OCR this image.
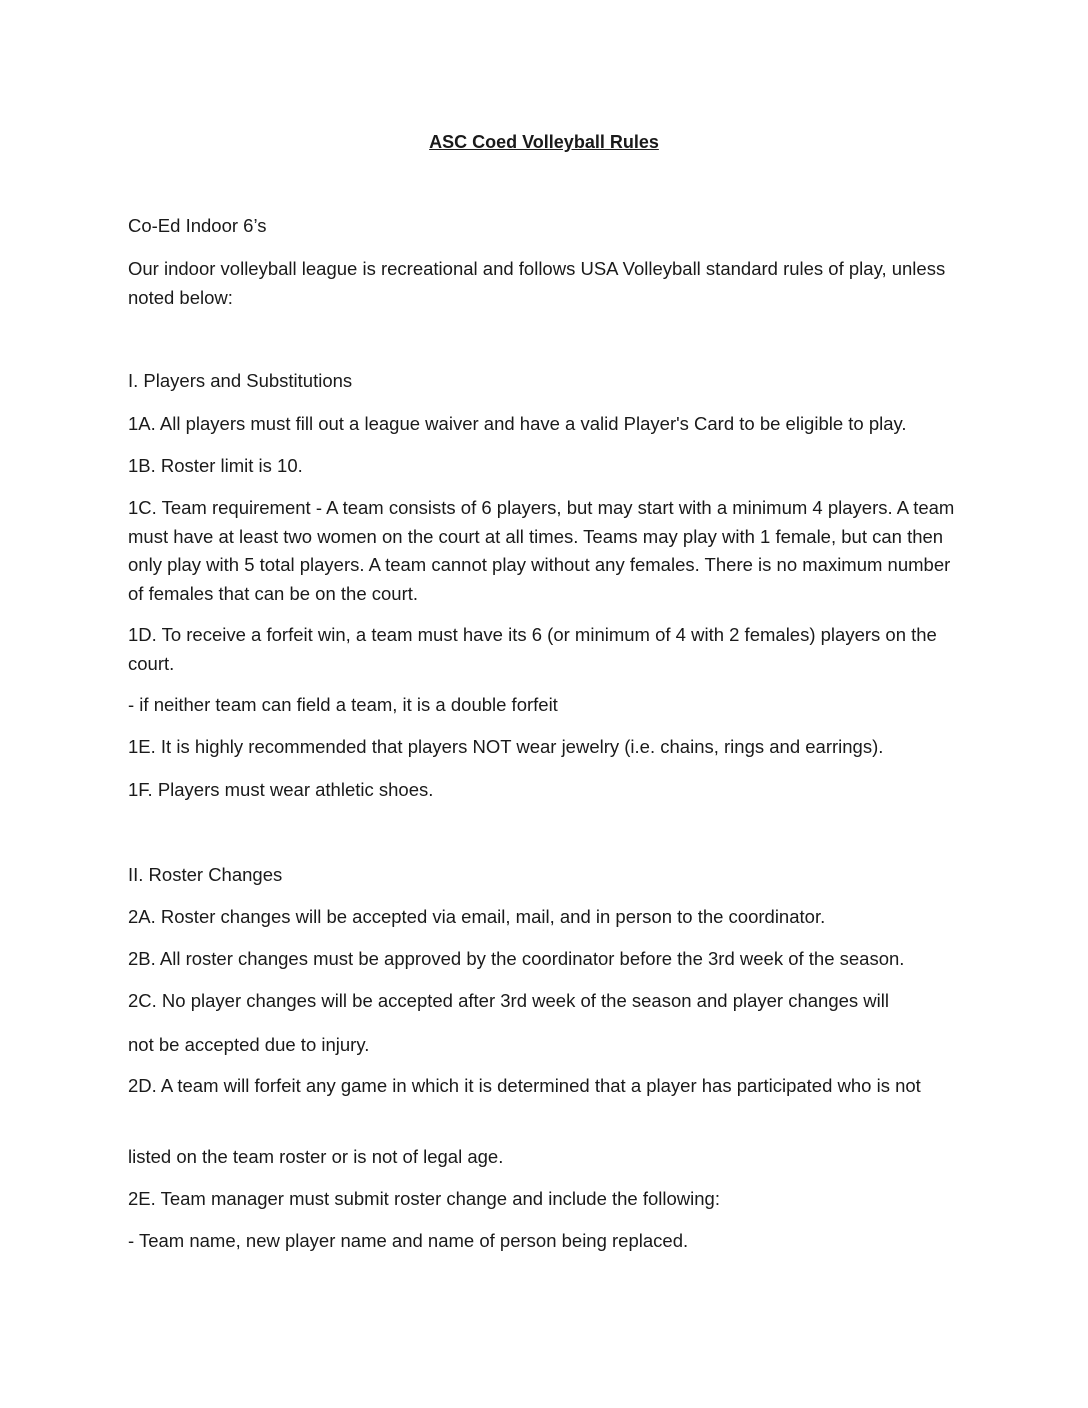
ASC Coed Volleyball Rules
Co-Ed Indoor 6’s
Our indoor volleyball league is recreational and follows USA Volleyball standard rules of play, unless noted below:
I. Players and Substitutions
1A. All players must fill out a league waiver and have a valid Player's Card to be eligible to play.
1B. Roster limit is 10.
1C. Team requirement - A team consists of 6 players, but may start with a minimum 4 players. A team must have at least two women on the court at all times. Teams may play with 1 female, but can then only play with 5 total players. A team cannot play without any females. There is no maximum number of females that can be on the court.
1D. To receive a forfeit win, a team must have its 6 (or minimum of 4 with 2 females) players on the court.
- if neither team can field a team, it is a double forfeit
1E. It is highly recommended that players NOT wear jewelry (i.e. chains, rings and earrings).
1F. Players must wear athletic shoes.
II. Roster Changes
2A. Roster changes will be accepted via email, mail, and in person to the coordinator.
2B. All roster changes must be approved by the coordinator before the 3rd week of the season.
2C. No player changes will be accepted after 3rd week of the season and player changes will
not be accepted due to injury.
2D. A team will forfeit any game in which it is determined that a player has participated who is not
listed on the team roster or is not of legal age.
2E. Team manager must submit roster change and include the following:
- Team name, new player name and name of person being replaced.
